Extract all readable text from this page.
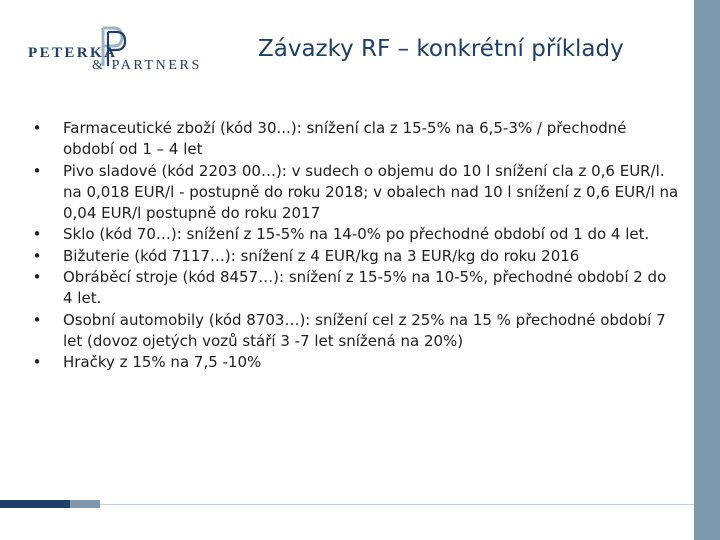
PETERKA
& PARTNERS
Závazky RF – konkrétní příklady
• Farmaceutické zboží (kód 30...): snížení cla z 15-5% na 6,5-3% / přechodné období od 1 – 4 let
• Pivo sladové (kód 2203 00…): v sudech o objemu do 10 l snížení cla z 0,6 EUR/l. na 0,018 EUR/l - postupně do roku 2018; v obalech nad 10 l snížení z 0,6 EUR/l na 0,04 EUR/l postupně do roku 2017
• Sklo (kód 70…): snížení z 15-5% na 14-0% po přechodné období od 1 do 4 let.
• Bižuterie (kód 7117…): snížení z 4 EUR/kg na 3 EUR/kg do roku 2016
• Obráběcí stroje (kód 8457…): snížení z 15-5% na 10-5%, přechodné období 2 do 4 let.
• Osobní automobily (kód 8703…): snížení cel z 25% na 15 % přechodné období 7 let (dovoz ojetých vozů stáří 3 -7 let snížená na 20%)
• Hračky z 15% na 7,5 -10%
